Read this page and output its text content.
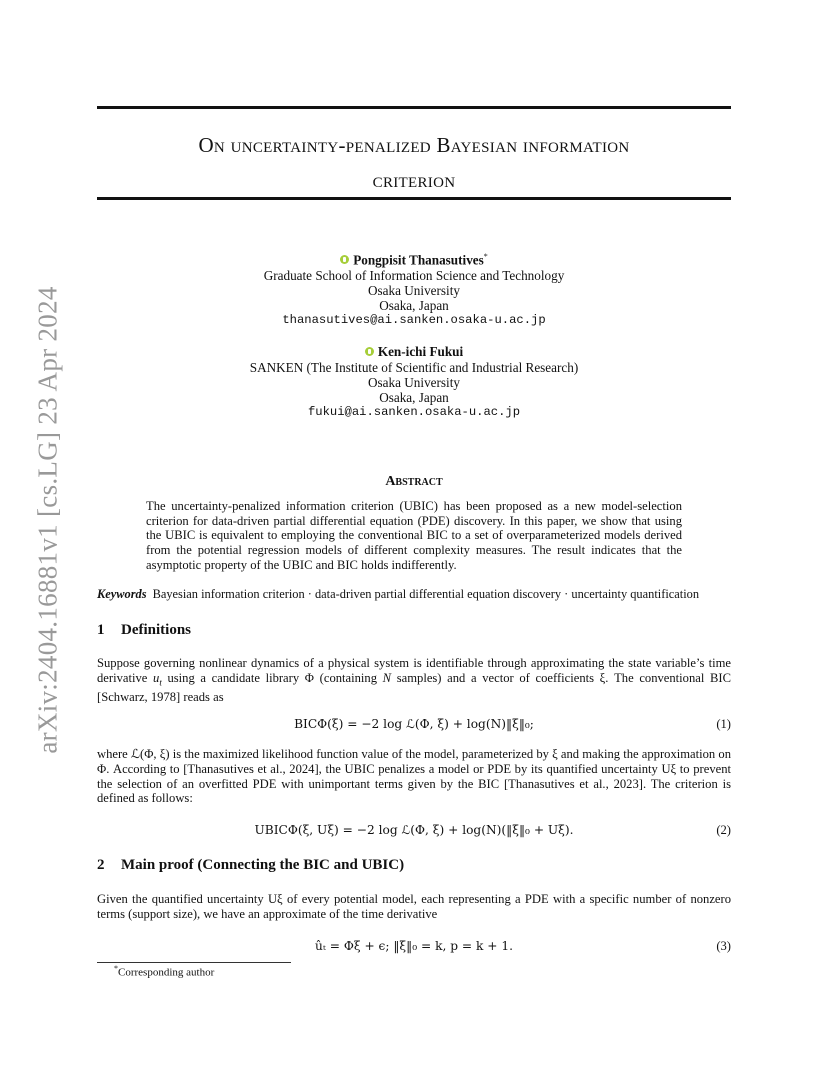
arXiv:2404.16881v1 [cs.LG] 23 Apr 2024
On uncertainty-penalized Bayesian information
criterion
Pongpisit Thanasutives*
Graduate School of Information Science and Technology
Osaka University
Osaka, Japan
thanasutives@ai.sanken.osaka-u.ac.jp
Ken-ichi Fukui
SANKEN (The Institute of Scientific and Industrial Research)
Osaka University
Osaka, Japan
fukui@ai.sanken.osaka-u.ac.jp
Abstract
The uncertainty-penalized information criterion (UBIC) has been proposed as a new model-selection criterion for data-driven partial differential equation (PDE) discovery. In this paper, we show that using the UBIC is equivalent to employing the conventional BIC to a set of overparameterized models derived from the potential regression models of different complexity measures. The result indicates that the asymptotic property of the UBIC and BIC holds indifferently.
Keywords Bayesian information criterion · data-driven partial differential equation discovery · uncertainty quantification
1 Definitions
Suppose governing nonlinear dynamics of a physical system is identifiable through approximating the state variable’s time derivative $u_t$ using a candidate library Φ (containing N samples) and a vector of coefficients ξ. The conventional BIC [Schwarz, 1978] reads as
BICΦ(ξ) = −2 log ℒ(Φ, ξ) + log(N)‖ξ‖₀;	(1)
where ℒ(Φ, ξ) is the maximized likelihood function value of the model, parameterized by ξ and making the approximation on Φ. According to [Thanasutives et al., 2024], the UBIC penalizes a model or PDE by its quantified uncertainty Uξ to prevent the selection of an overfitted PDE with unimportant terms given by the BIC [Thanasutives et al., 2023]. The criterion is defined as follows:
UBICΦ(ξ, Uξ) = −2 log ℒ(Φ, ξ) + log(N)(‖ξ‖₀ + Uξ).	(2)
2 Main proof (Connecting the BIC and UBIC)
Given the quantified uncertainty Uξ of every potential model, each representing a PDE with a specific number of nonzero terms (support size), we have an approximate of the time derivative
ûₜ = Φξ + ϵ; ‖ξ‖₀ = k, p = k + 1.	(3)
*Corresponding author
